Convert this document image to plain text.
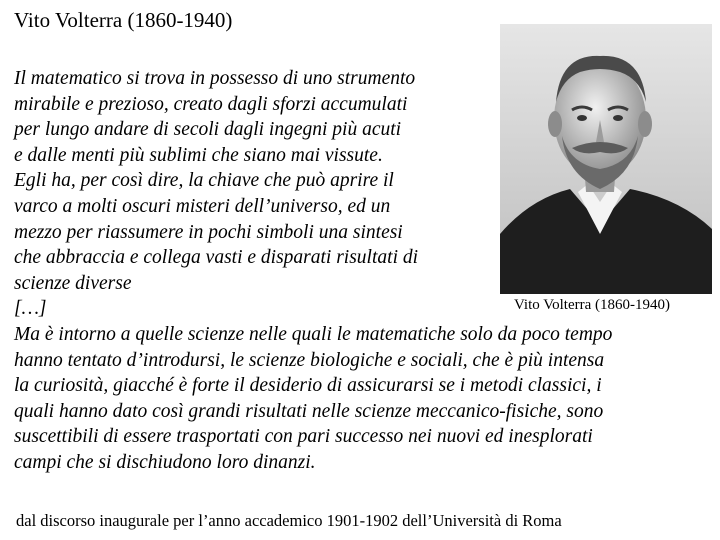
Vito Volterra (1860-1940)
Il matematico si trova in possesso di uno strumento
mirabile e prezioso, creato dagli sforzi accumulati
per lungo andare di secoli dagli ingegni più acuti
e dalle menti più sublimi che siano mai vissute.
Egli ha, per così dire, la chiave che può aprire il
varco a molti oscuri misteri dell’universo, ed un
mezzo per riassumere in pochi simboli una sintesi
che abbraccia e collega vasti e disparati risultati di
scienze diverse
[…]
Ma è intorno a quelle scienze nelle quali le matematiche solo da poco tempo
hanno tentato d’introdursi, le scienze biologiche e sociali, che è più intensa
la curiosità, giacché è forte il desiderio di assicurarsi se i metodi classici, i
quali hanno dato così grandi risultati nelle scienze meccanico-fisiche, sono
suscettibili di essere trasportati con pari successo nei nuovi ed inesplorati
campi che si dischiudono loro dinanzi.
Vito Volterra (1860-1940)
dal discorso inaugurale per l’anno accademico 1901-1902 dell’Università di Roma
